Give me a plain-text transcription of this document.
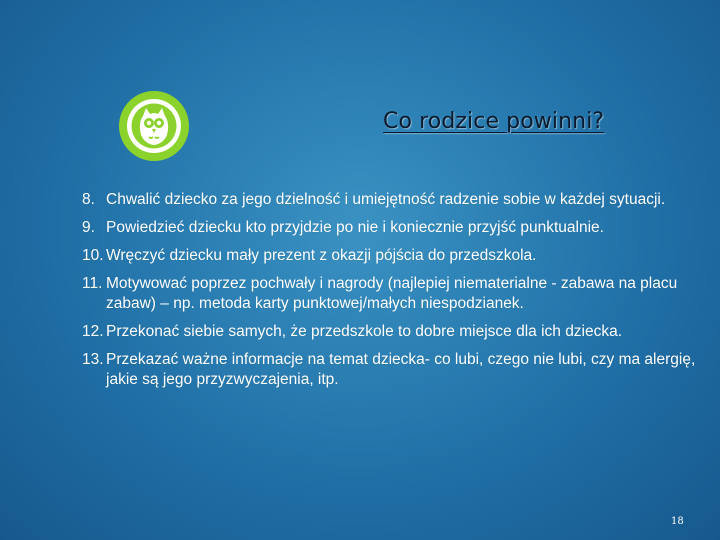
Co rodzice powinni?
8. Chwalić dziecko za jego dzielność i umiejętność radzenie sobie w każdej sytuacji.
9. Powiedzieć dziecku kto przyjdzie po nie i koniecznie przyjść punktualnie.
10. Wręczyć dziecku mały prezent z okazji pójścia do przedszkola.
11. Motywować poprzez pochwały i nagrody (najlepiej niematerialne - zabawa na placu zabaw) – np. metoda karty punktowej/małych niespodzianek.
12. Przekonać siebie samych, że przedszkole to dobre miejsce dla ich dziecka.
13. Przekazać ważne informacje na temat dziecka- co lubi, czego nie lubi, czy ma alergię, jakie są jego przyzwyczajenia, itp.
18
